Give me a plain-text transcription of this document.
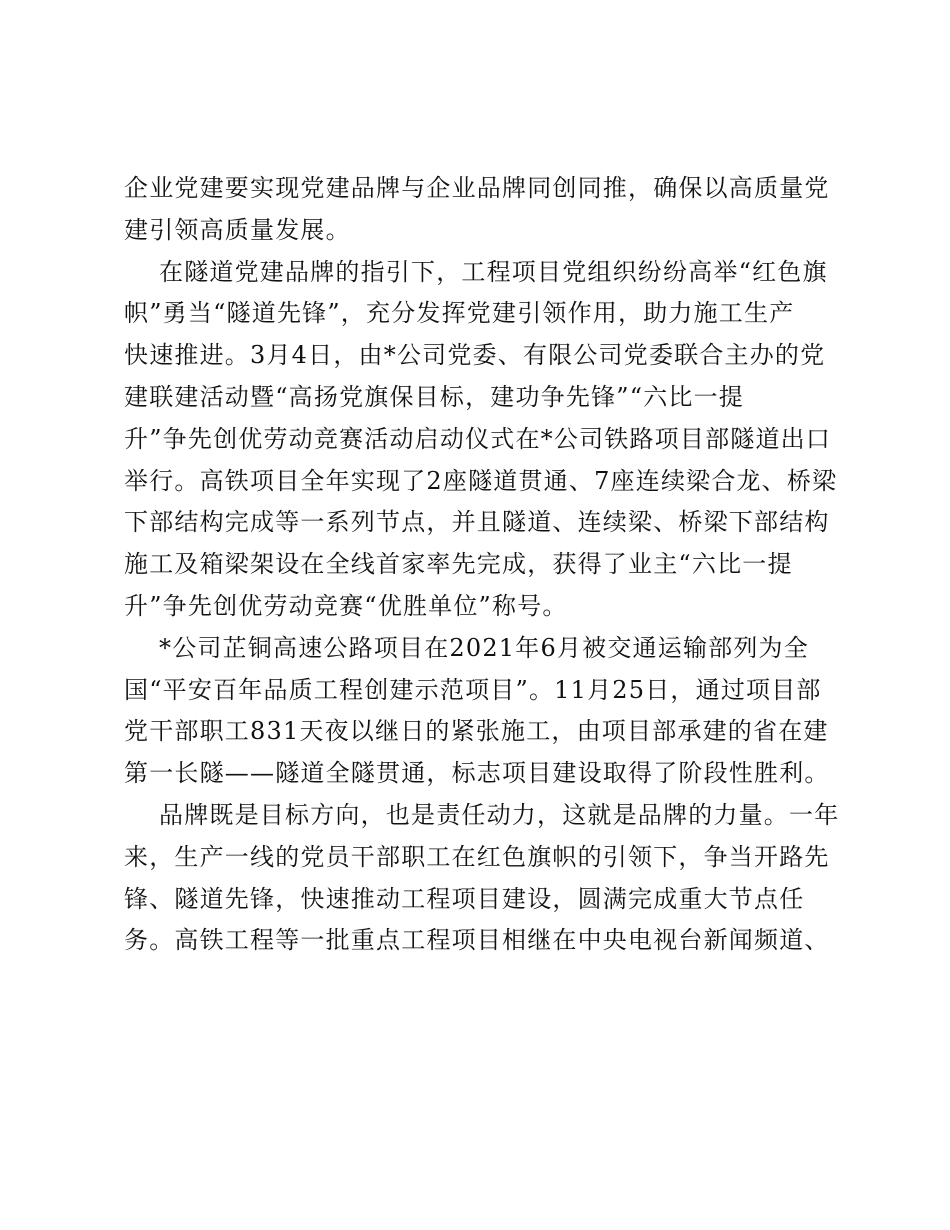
企业党建要实现党建品牌与企业品牌同创同推，确保以高质量党
建引领高质量发展。
在隧道党建品牌的指引下，工程项目党组织纷纷高举“红色旗
帜”勇当“隧道先锋”，充分发挥党建引领作用，助力施工生产
快速推进。3月4日，由*公司党委、有限公司党委联合主办的党
建联建活动暨“高扬党旗保目标，建功争先锋”“六比一提
升”争先创优劳动竞赛活动启动仪式在*公司铁路项目部隧道出口
举行。高铁项目全年实现了2座隧道贯通、7座连续梁合龙、桥梁
下部结构完成等一系列节点，并且隧道、连续梁、桥梁下部结构
施工及箱梁架设在全线首家率先完成，获得了业主“六比一提
升”争先创优劳动竞赛“优胜单位”称号。
*公司芷铜高速公路项目在2021年6月被交通运输部列为全
国“平安百年品质工程创建示范项目”。11月25日，通过项目部
党干部职工831天夜以继日的紧张施工，由项目部承建的省在建
第一长隧——隧道全隧贯通，标志项目建设取得了阶段性胜利。
品牌既是目标方向，也是责任动力，这就是品牌的力量。一年
来，生产一线的党员干部职工在红色旗帜的引领下，争当开路先
锋、隧道先锋，快速推动工程项目建设，圆满完成重大节点任
务。高铁工程等一批重点工程项目相继在中央电视台新闻频道、
